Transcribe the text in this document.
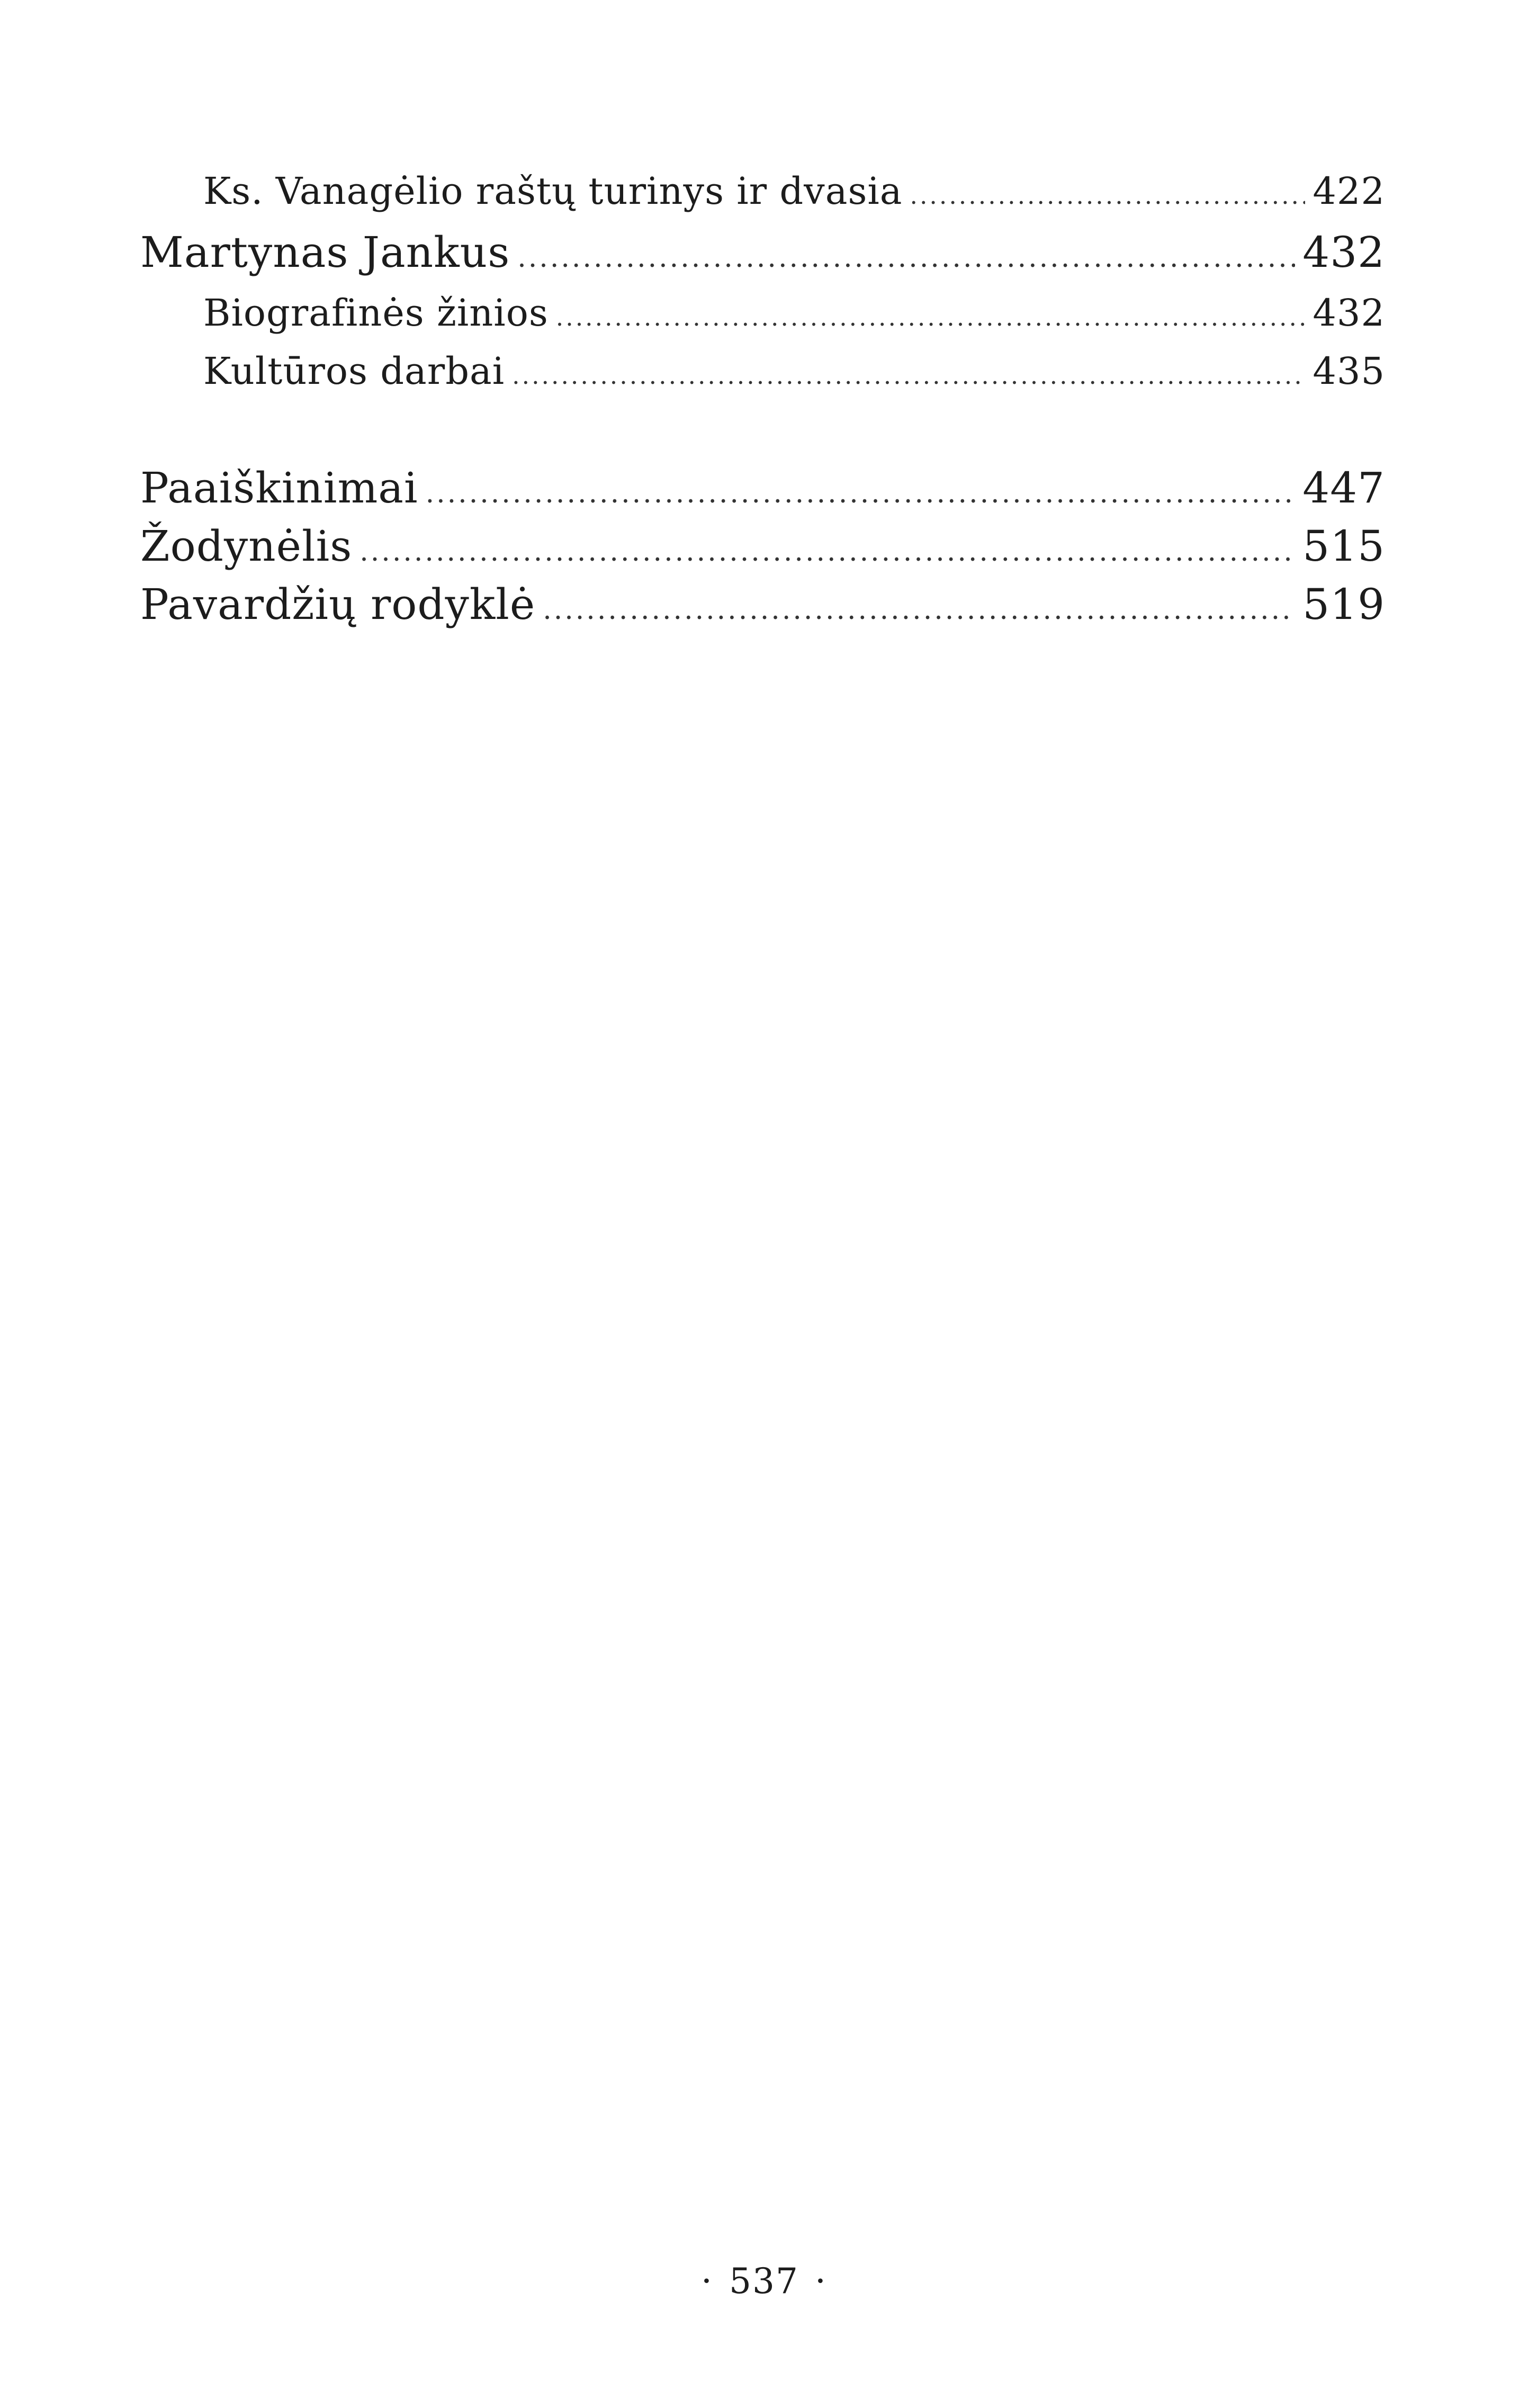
Ks. Vanagėlio raštų turinys ir dvasia .....	422
Martynas Jankus .....	432
Biografinės žinios .....	432
Kultūros darbai .....	435
Paaiškinimai .....	447
Žodynėlis .....	515
Pavardžių rodyklė .....	519
· 537 ·
